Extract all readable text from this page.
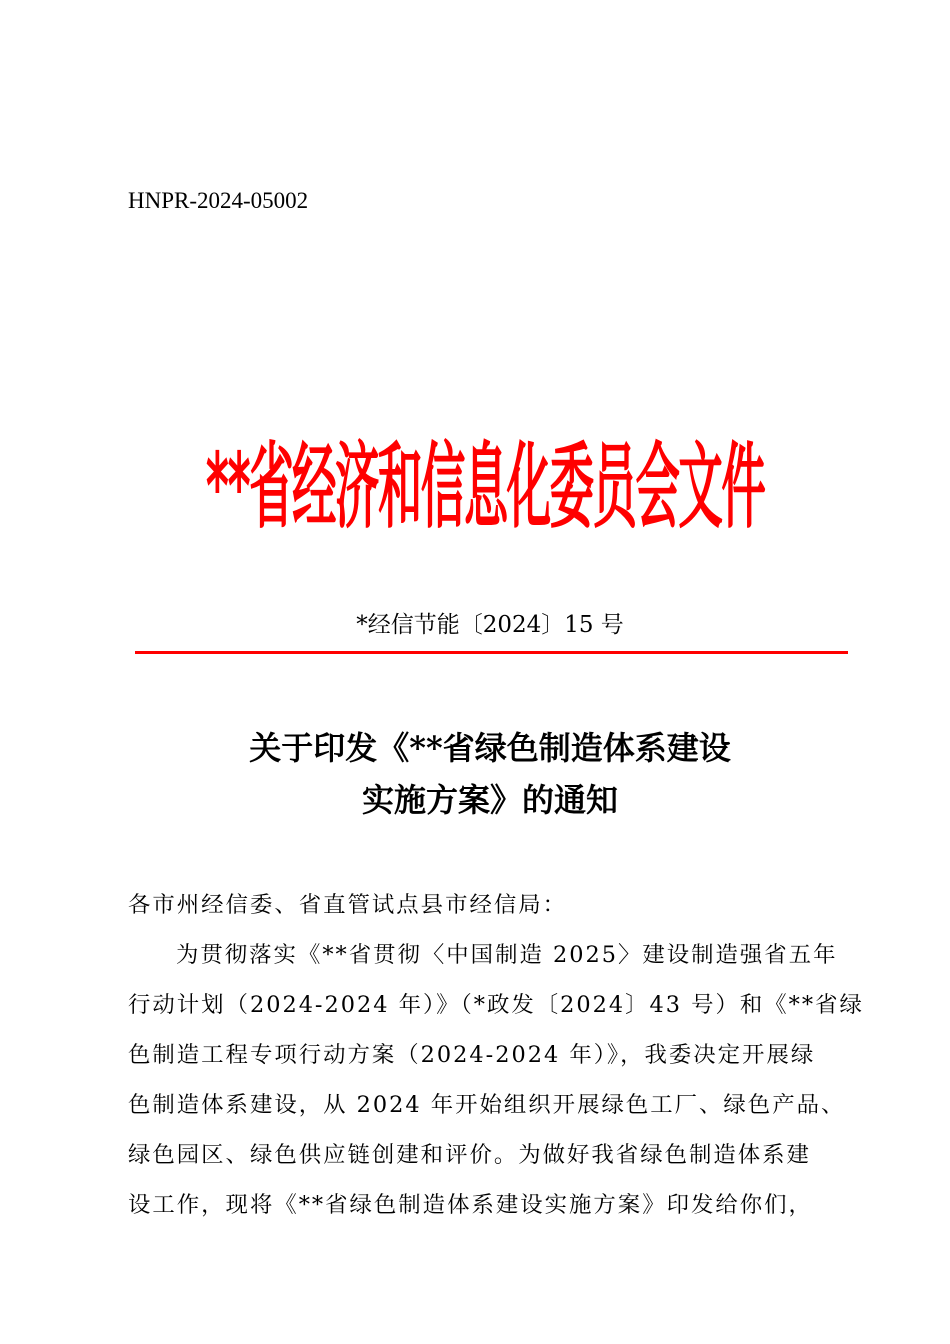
HNPR-2024-05002
**省经济和信息化委员会文件
*经信节能〔2024〕15 号
关于印发《**省绿色制造体系建设
实施方案》的通知
各市州经信委、省直管试点县市经信局：
为贯彻落实《**省贯彻〈中国制造 2025〉建设制造强省五年
行动计划（2024-2024 年）》（*政发〔2024〕43 号）和《**省绿
色制造工程专项行动方案（2024-2024 年）》，我委决定开展绿
色制造体系建设，从 2024 年开始组织开展绿色工厂、绿色产品、
绿色园区、绿色供应链创建和评价。为做好我省绿色制造体系建
设工作，现将《**省绿色制造体系建设实施方案》印发给你们，
